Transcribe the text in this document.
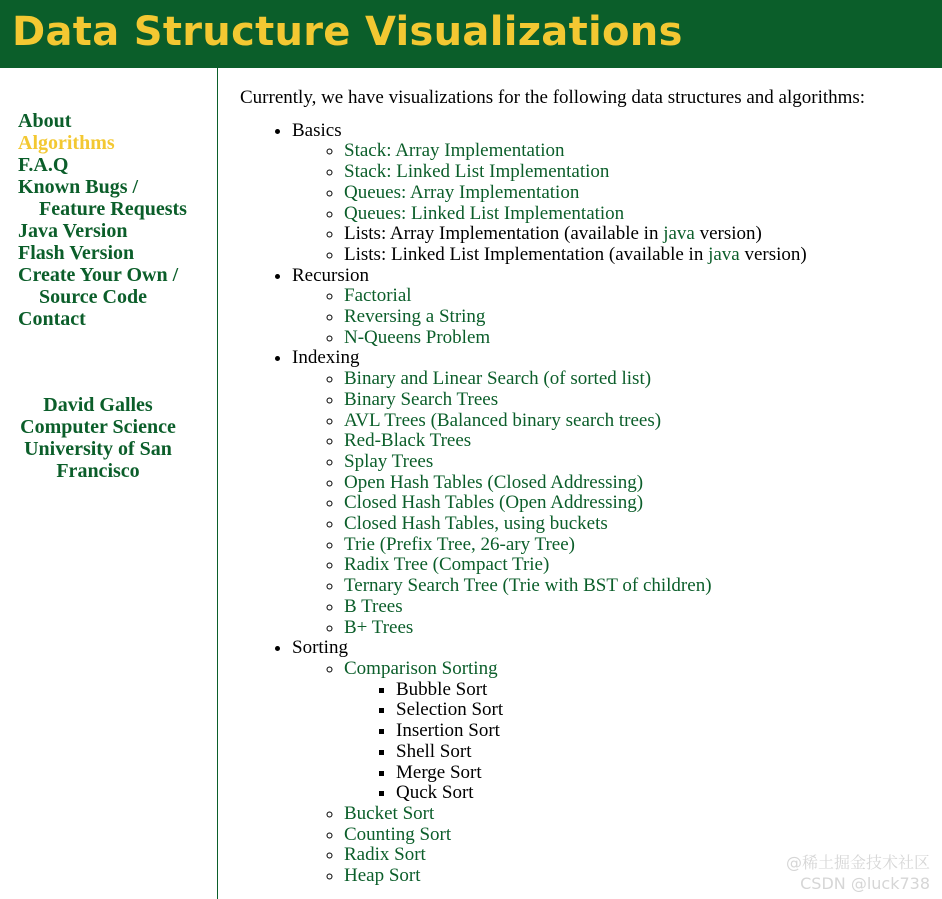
Data Structure Visualizations
About
Algorithms
F.A.Q
Known Bugs /
Feature Requests
Java Version
Flash Version
Create Your Own /
Source Code
Contact
David Galles
Computer Science
University of San
Francisco

Currently, we have visualizations for the following data structures and algorithms:

• Basics
◦ Stack: Array Implementation
◦ Stack: Linked List Implementation
◦ Queues: Array Implementation
◦ Queues: Linked List Implementation
◦ Lists: Array Implementation (available in java version)
◦ Lists: Linked List Implementation (available in java version)
• Recursion
◦ Factorial
◦ Reversing a String
◦ N-Queens Problem
• Indexing
◦ Binary and Linear Search (of sorted list)
◦ Binary Search Trees
◦ AVL Trees (Balanced binary search trees)
◦ Red-Black Trees
◦ Splay Trees
◦ Open Hash Tables (Closed Addressing)
◦ Closed Hash Tables (Open Addressing)
◦ Closed Hash Tables, using buckets
◦ Trie (Prefix Tree, 26-ary Tree)
◦ Radix Tree (Compact Trie)
◦ Ternary Search Tree (Trie with BST of children)
◦ B Trees
◦ B+ Trees
• Sorting
◦ Comparison Sorting
▪ Bubble Sort
▪ Selection Sort
▪ Insertion Sort
▪ Shell Sort
▪ Merge Sort
▪ Quck Sort
◦ Bucket Sort
◦ Counting Sort
◦ Radix Sort
◦ Heap Sort
@稀土掘金技术社区
CSDN @luck738
